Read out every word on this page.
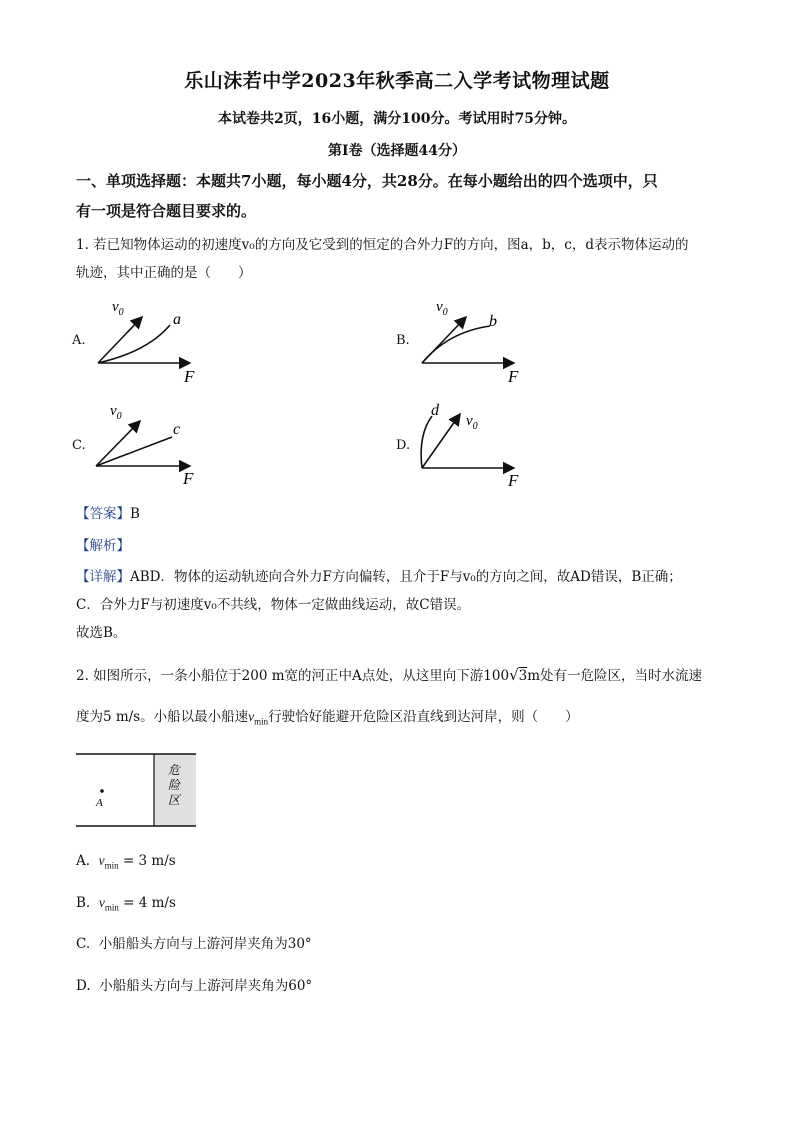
乐山沫若中学2023年秋季高二入学考试物理试题
本试卷共2页，16小题，满分100分。考试用时75分钟。
第I卷（选择题44分）
一、单项选择题：本题共7小题，每小题4分，共28分。在每小题给出的四个选项中，只
有一项是符合题目要求的。
1. 若已知物体运动的初速度v₀的方向及它受到的恒定的合外力F的方向，图a，b，c，d表示物体运动的
轨迹，其中正确的是（　　）
A.
$v_0$	a
F
B.
$v_0$
b
F
C.
$v_0$
c
F
D.
d
$v_0$
F
【答案】B
【解析】
【详解】ABD．物体的运动轨迹向合外力F方向偏转，且介于F与v₀的方向之间，故AD错误，B正确；
C．合外力F与初速度v₀不共线，物体一定做曲线运动，故C错误。
故选B。
2. 如图所示，一条小船位于200 m宽的河正中A点处，从这里向下游100√3m处有一危险区，当时水流速
度为5 m/s。小船以最小船速$v_{min}$行驶恰好能避开危险区沿直线到达河岸，则（　　）
A
危
险
区
A. $v_{min} = 3$ m/s
B. $v_{min} = 4$ m/s
C. 小船船头方向与上游河岸夹角为30°
D. 小船船头方向与上游河岸夹角为60°
